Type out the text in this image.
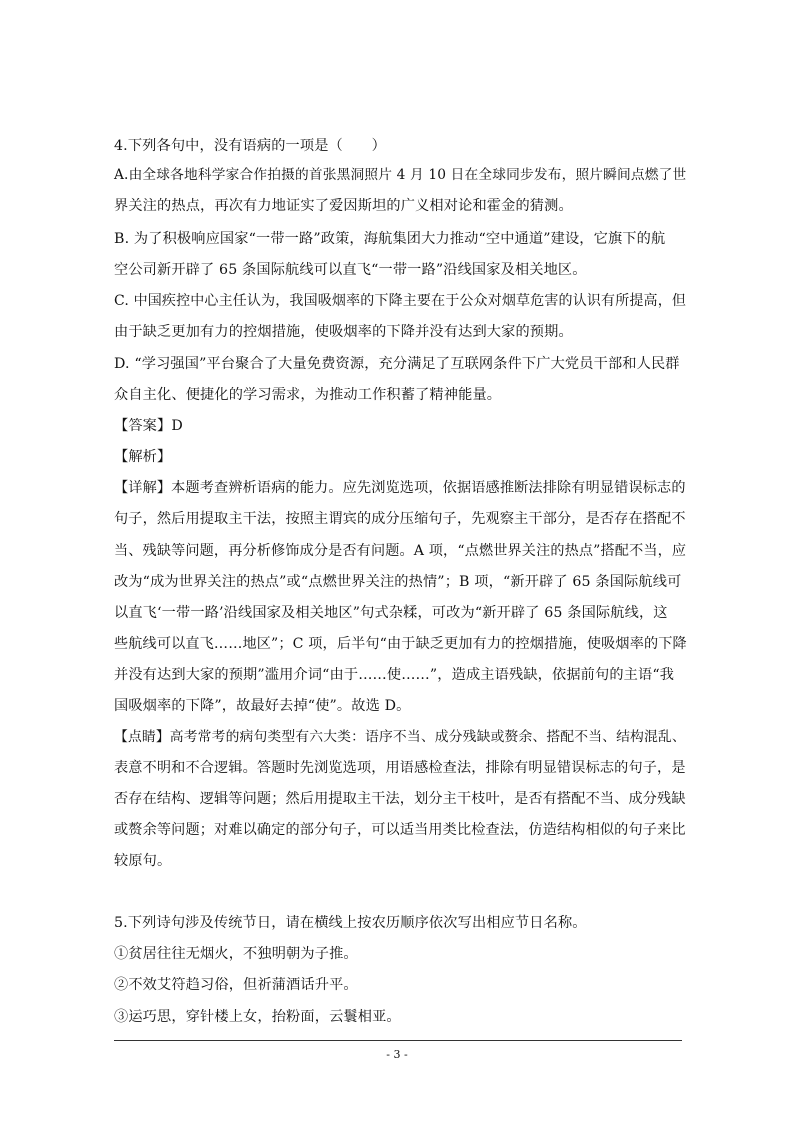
4.下列各句中，没有语病的一项是（　　）
A.由全球各地科学家合作拍摄的首张黑洞照片 4 月 10 日在全球同步发布，照片瞬间点燃了世
界关注的热点，再次有力地证实了爱因斯坦的广义相对论和霍金的猜测。
B. 为了积极响应国家“一带一路”政策，海航集团大力推动“空中通道”建设，它旗下的航
空公司新开辟了 65 条国际航线可以直飞“一带一路”沿线国家及相关地区。
C. 中国疾控中心主任认为，我国吸烟率的下降主要在于公众对烟草危害的认识有所提高，但
由于缺乏更加有力的控烟措施，使吸烟率的下降并没有达到大家的预期。
D. “学习强国”平台聚合了大量免费资源，充分满足了互联网条件下广大党员干部和人民群
众自主化、便捷化的学习需求，为推动工作积蓄了精神能量。
【答案】D
【解析】
【详解】本题考查辨析语病的能力。应先浏览选项，依据语感推断法排除有明显错误标志的
句子，然后用提取主干法，按照主谓宾的成分压缩句子，先观察主干部分，是否存在搭配不
当、残缺等问题，再分析修饰成分是否有问题。A 项，“点燃世界关注的热点”搭配不当，应
改为“成为世界关注的热点”或“点燃世界关注的热情”；B 项，“新开辟了 65 条国际航线可
以直飞‘一带一路’沿线国家及相关地区”句式杂糅，可改为“新开辟了 65 条国际航线，这
些航线可以直飞……地区”；C 项，后半句“由于缺乏更加有力的控烟措施，使吸烟率的下降
并没有达到大家的预期”滥用介词“由于……使……”，造成主语残缺，依据前句的主语“我
国吸烟率的下降”，故最好去掉“使”。故选 D。
【点睛】高考常考的病句类型有六大类：语序不当、成分残缺或赘余、搭配不当、结构混乱、
表意不明和不合逻辑。答题时先浏览选项，用语感检查法，排除有明显错误标志的句子，是
否存在结构、逻辑等问题；然后用提取主干法，划分主干枝叶，是否有搭配不当、成分残缺
或赘余等问题；对难以确定的部分句子，可以适当用类比检查法，仿造结构相似的句子来比
较原句。
5.下列诗句涉及传统节日，请在横线上按农历顺序依次写出相应节日名称。
①贫居往往无烟火，不独明朝为子推。
②不效艾符趋习俗，但祈蒲酒话升平。
③运巧思，穿针楼上女，抬粉面，云鬟相亚。
- 3 -
